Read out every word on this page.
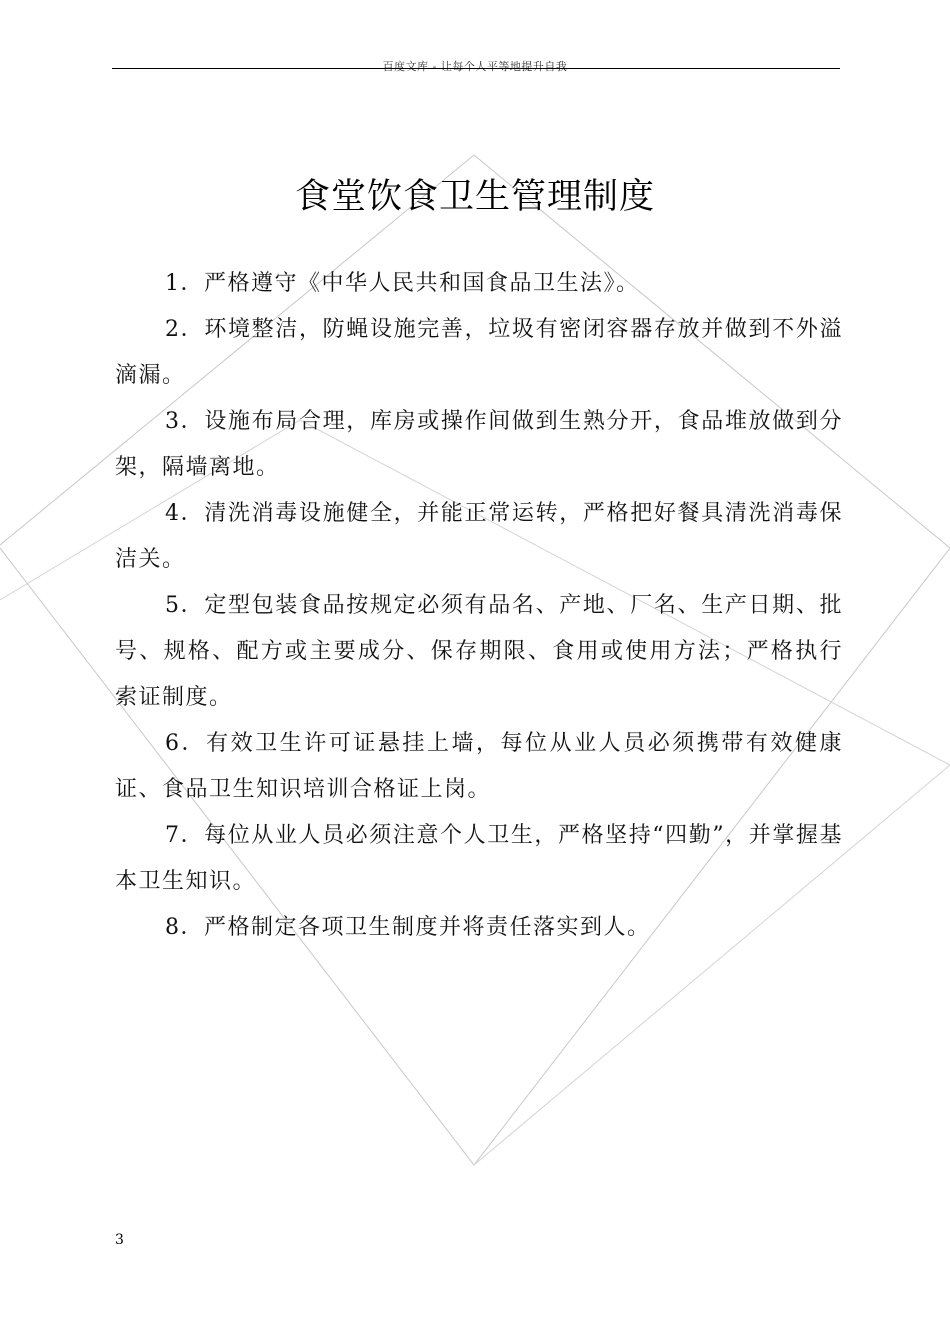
百度文库 - 让每个人平等地提升自我
食堂饮食卫生管理制度

1．严格遵守《中华人民共和国食品卫生法》。

2．环境整洁，防蝇设施完善，垃圾有密闭容器存放并做到不外溢滴漏。

3．设施布局合理，库房或操作间做到生熟分开，食品堆放做到分架，隔墙离地。

4．清洗消毒设施健全，并能正常运转，严格把好餐具清洗消毒保洁关。

5．定型包装食品按规定必须有品名、产地、厂名、生产日期、批号、规格、配方或主要成分、保存期限、食用或使用方法；严格执行索证制度。

6．有效卫生许可证悬挂上墙，每位从业人员必须携带有效健康证、食品卫生知识培训合格证上岗。

7．每位从业人员必须注意个人卫生，严格坚持“四勤”，并掌握基本卫生知识。

8．严格制定各项卫生制度并将责任落实到人。

3
